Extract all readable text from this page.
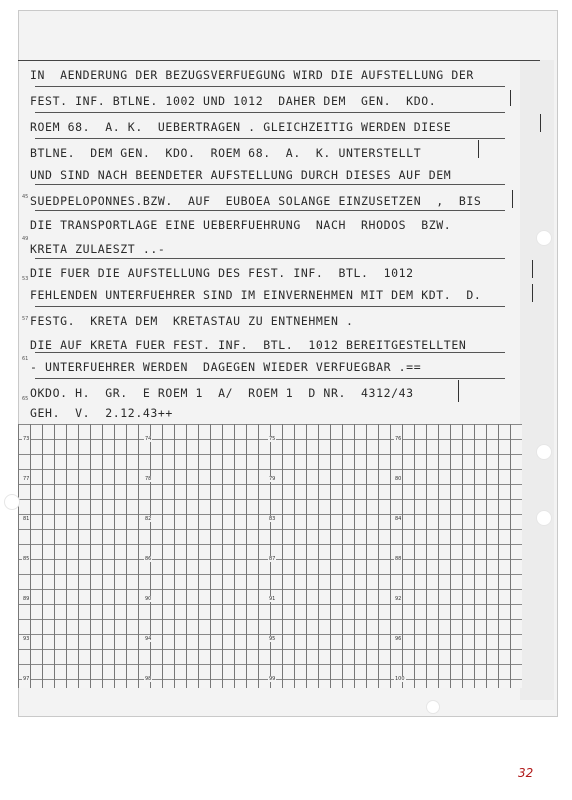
IN  AENDERUNG DER BEZUGSVERFUEGUNG WIRD DIE AUFSTELLUNG DER
FEST. INF. BTLNE. 1002 UND 1012  DAHER DEM  GEN.  KDO.
ROEM 68.  A. K.  UEBERTRAGEN . GLEICHZEITIG WERDEN DIESE
BTLNE.  DEM GEN.  KDO.  ROEM 68.  A.  K. UNTERSTELLT
UND SIND NACH BEENDETER AUFSTELLUNG DURCH DIESES AUF DEM
SUEDPELOPONNES.BZW.  AUF  EUBOEA SOLANGE EINZUSETZEN  ,  BIS
DIE TRANSPORTLAGE EINE UEBERFUEHRUNG  NACH  RHODOS  BZW.
KRETA ZULAESZT ..-
DIE FUER DIE AUFSTELLUNG DES FEST. INF.  BTL.  1012
FEHLENDEN UNTERFUEHRER SIND IM EINVERNEHMEN MIT DEM KDT.  D.
FESTG.  KRETA DEM  KRETASTAU ZU ENTNEHMEN .
DIE AUF KRETA FUER FEST. INF.  BTL.  1012 BEREITGESTELLTEN
- UNTERFUEHRER WERDEN  DAGEGEN WIEDER VERFUEGBAR .==
OKDO. H.  GR.  E ROEM 1  A/  ROEM 1  D NR.  4312/43
GEH.  V.  2.12.43++
45
49
53
57
61
65
73
77
81
85
89
93
97
74
78
82
86
90
94
98
75
79
83
87
91
95
99
76
80
84
88
92
96
100
32
